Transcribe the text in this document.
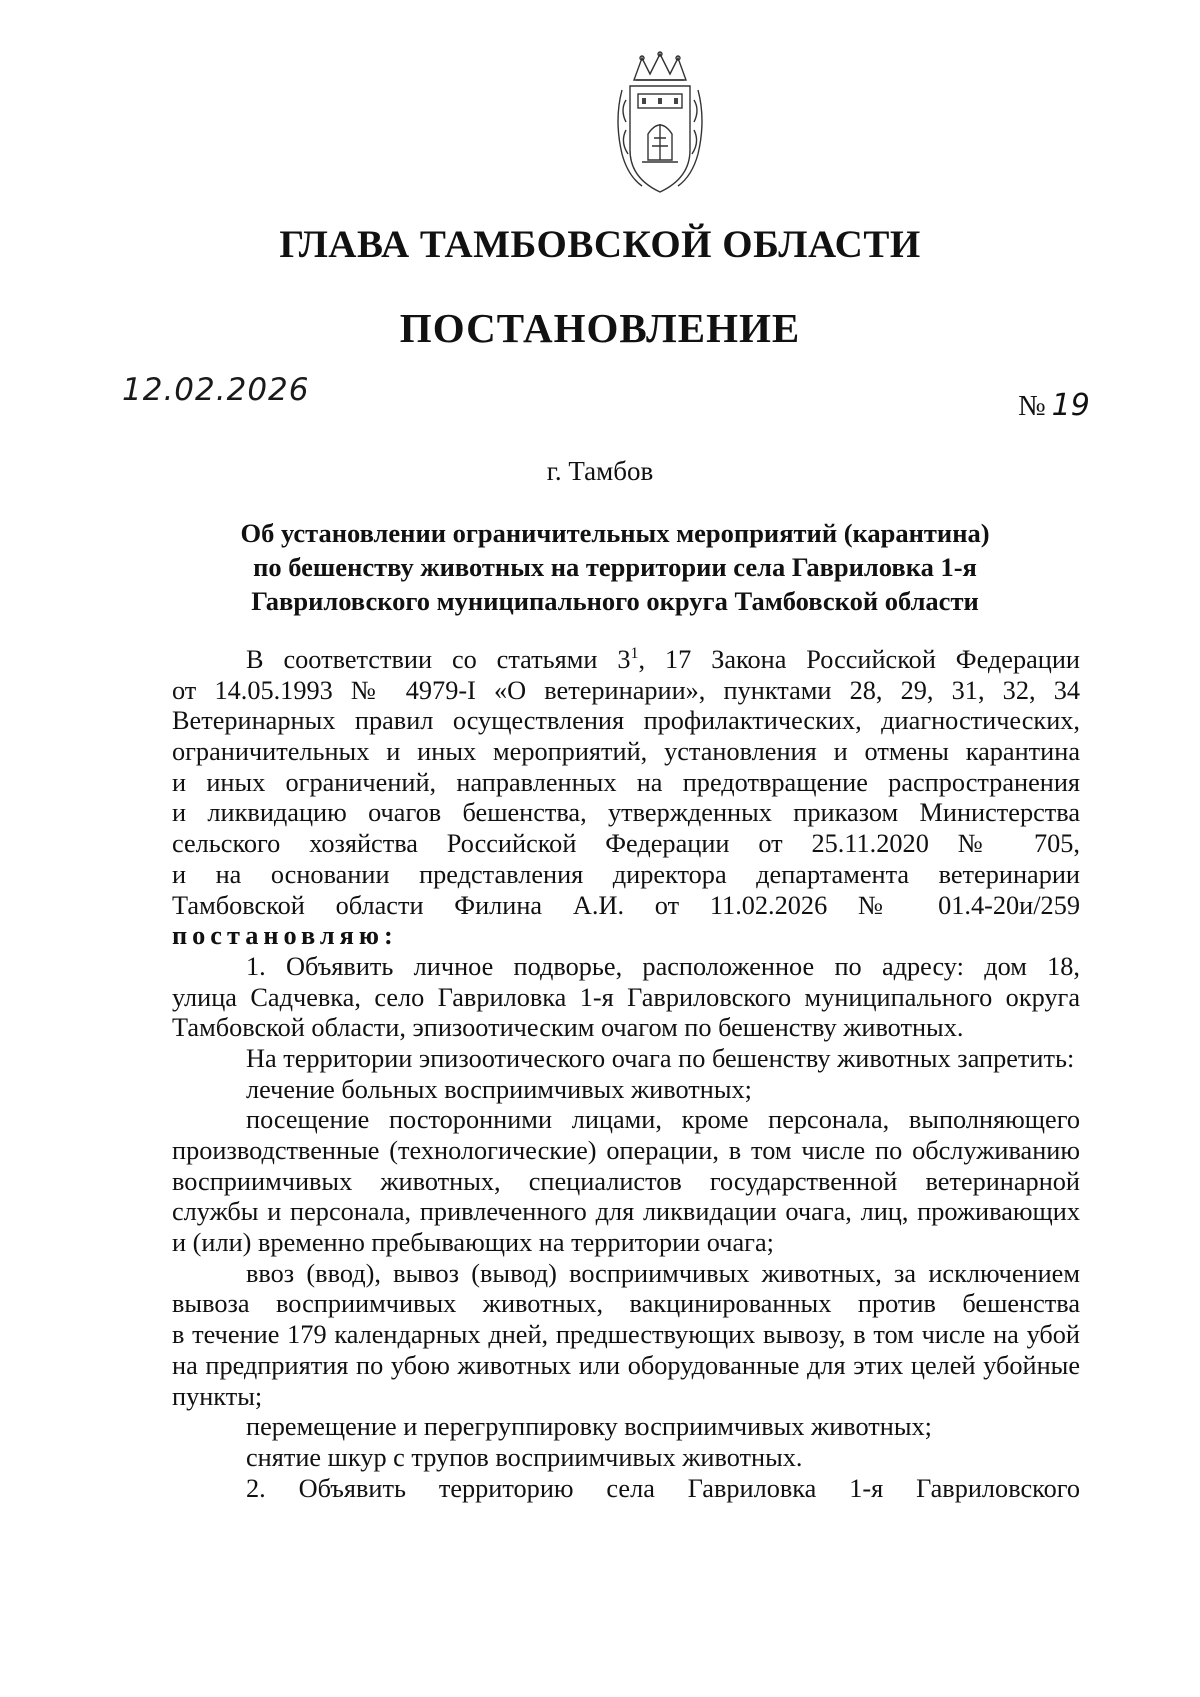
ГЛАВА ТАМБОВСКОЙ ОБЛАСТИ
ПОСТАНОВЛЕНИЕ
12.02.2026	№ 19
г. Тамбов
Об установлении ограничительных мероприятий (карантина)
по бешенству животных на территории села Гавриловка 1-я
Гавриловского муниципального округа Тамбовской области
В соответствии со статьями $3^1$, 17 Закона Российской Федерации
от 14.05.1993 № 4979-I «О ветеринарии», пунктами 28, 29, 31, 32, 34
Ветеринарных правил осуществления профилактических, диагностических,
ограничительных и иных мероприятий, установления и отмены карантина
и иных ограничений, направленных на предотвращение распространения
и ликвидацию очагов бешенства, утвержденных приказом Министерства
сельского хозяйства Российской Федерации от 25.11.2020 № 705,
и на основании представления директора департамента ветеринарии
Тамбовской области Филина А.И. от 11.02.2026 № 01.4-20и/259
постановляю:
1. Объявить личное подворье, расположенное по адресу: дом 18,
улица Садчевка, село Гавриловка 1-я Гавриловского муниципального округа
Тамбовской области, эпизоотическим очагом по бешенству животных.
На территории эпизоотического очага по бешенству животных запретить:
лечение больных восприимчивых животных;
посещение посторонними лицами, кроме персонала, выполняющего
производственные (технологические) операции, в том числе по обслуживанию
восприимчивых животных, специалистов государственной ветеринарной
службы и персонала, привлеченного для ликвидации очага, лиц, проживающих
и (или) временно пребывающих на территории очага;
ввоз (ввод), вывоз (вывод) восприимчивых животных, за исключением
вывоза восприимчивых животных, вакцинированных против бешенства
в течение 179 календарных дней, предшествующих вывозу, в том числе на убой
на предприятия по убою животных или оборудованные для этих целей убойные
пункты;
перемещение и перегруппировку восприимчивых животных;
снятие шкур с трупов восприимчивых животных.
2. Объявить территорию села Гавриловка 1-я Гавриловского
